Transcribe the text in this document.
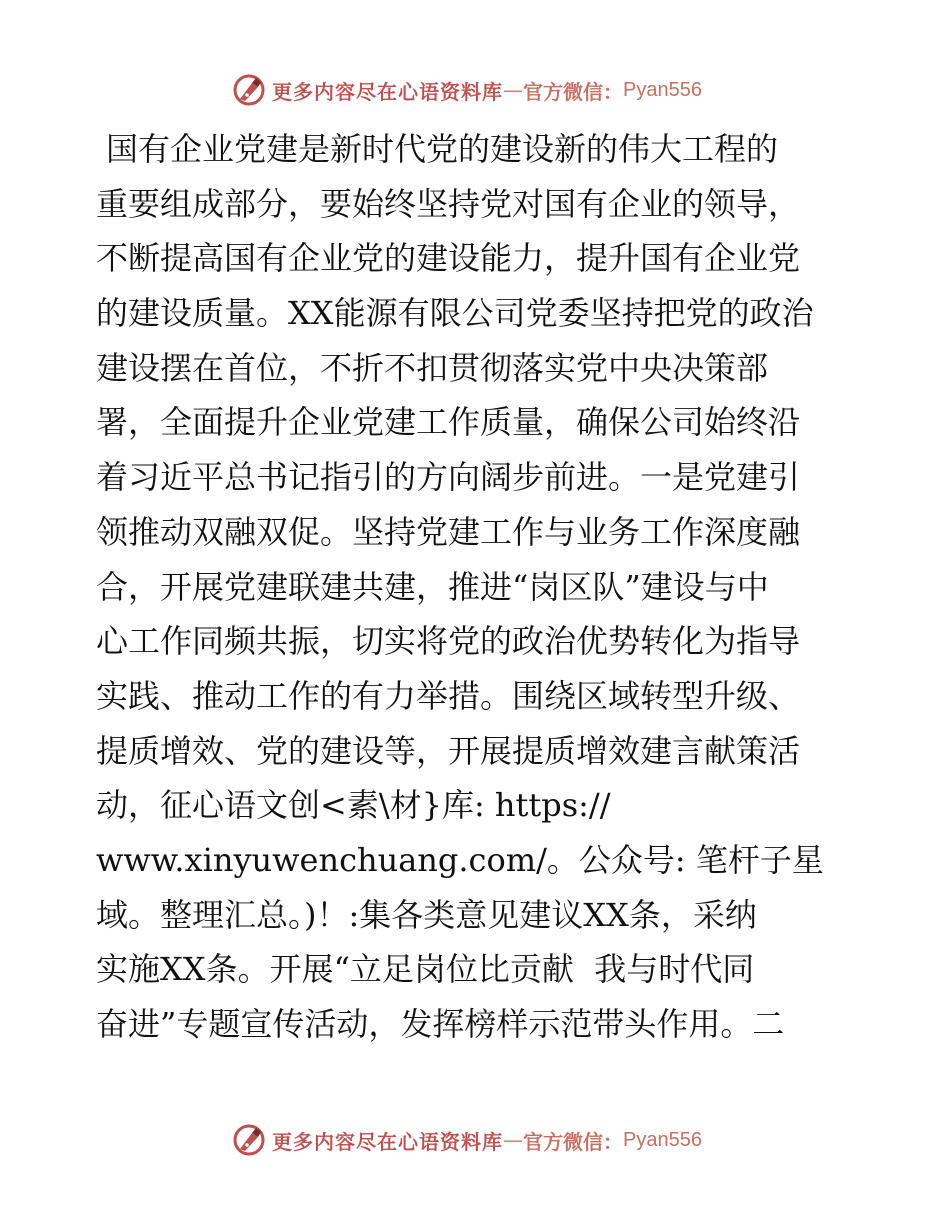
更多内容尽在心语资料库 — 官方微信： Pyan556
国有企业党建是新时代党的建设新的伟大工程的
重要组成部分，要始终坚持党对国有企业的领导，
不断提高国有企业党的建设能力，提升国有企业党
的建设质量。XX能源有限公司党委坚持把党的政治
建设摆在首位，不折不扣贯彻落实党中央决策部
署，全面提升企业党建工作质量，确保公司始终沿
着习近平总书记指引的方向阔步前进。一是党建引
领推动双融双促。坚持党建工作与业务工作深度融
合，开展党建联建共建，推进“岗区队”建设与中
心工作同频共振，切实将党的政治优势转化为指导
实践、推动工作的有力举措。围绕区域转型升级、
提质增效、党的建设等，开展提质增效建言献策活
动，征心语文创<素\材}库: https://
www.xinyuwenchuang.com/。公众号: 笔杆子星
域。整理汇总。)！:集各类意见建议XX条，采纳
实施XX条。开展“立足岗位比贡献  我与时代同
奋进”专题宣传活动，发挥榜样示范带头作用。二
更多内容尽在心语资料库 — 官方微信： Pyan556
